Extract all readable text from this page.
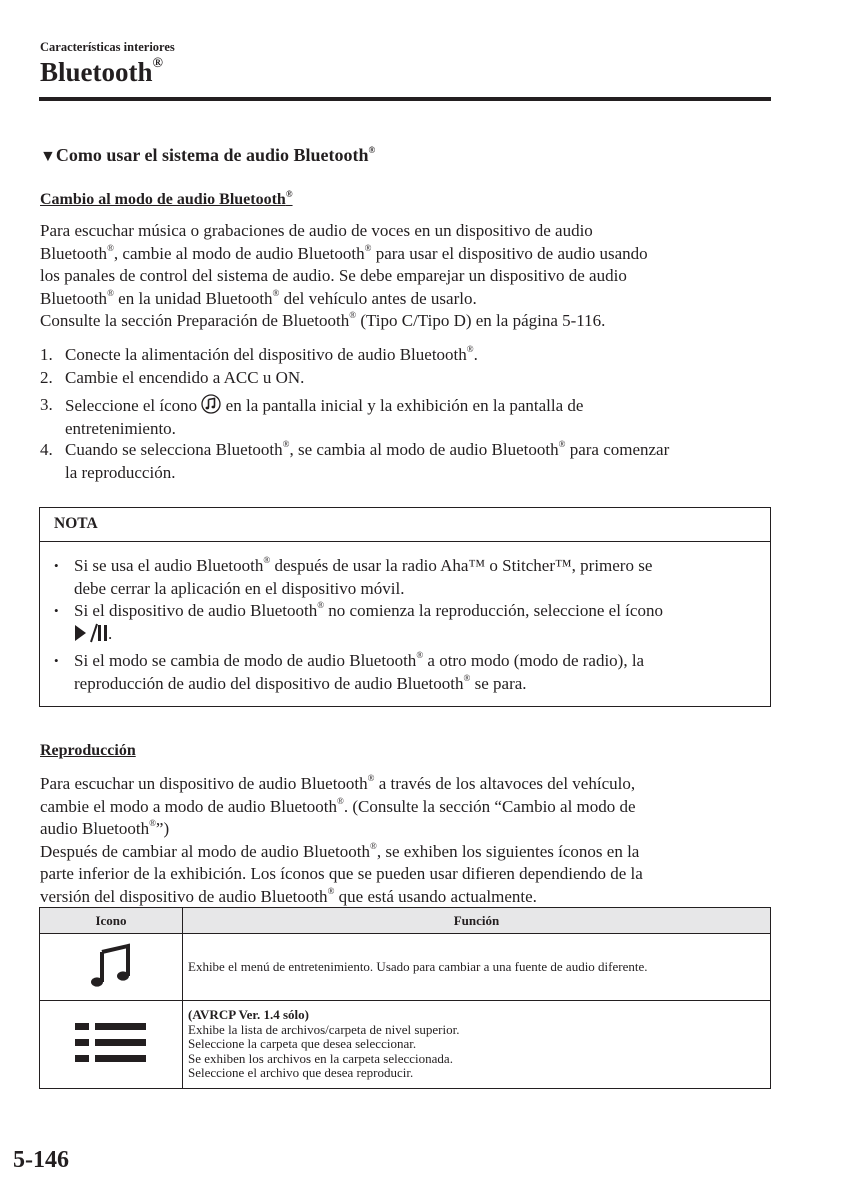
Características interiores
Bluetooth®
▼Como usar el sistema de audio Bluetooth®
Cambio al modo de audio Bluetooth®
Para escuchar música o grabaciones de audio de voces en un dispositivo de audio
Bluetooth®, cambie al modo de audio Bluetooth® para usar el dispositivo de audio usando
los panales de control del sistema de audio. Se debe emparejar un dispositivo de audio
Bluetooth® en la unidad Bluetooth® del vehículo antes de usarlo.
Consulte la sección Preparación de Bluetooth® (Tipo C/Tipo D) en la página 5-116.
1. Conecte la alimentación del dispositivo de audio Bluetooth®.
2. Cambie el encendido a ACC u ON.
3. Seleccione el ícono en la pantalla inicial y la exhibición en la pantalla de
entretenimiento.
4. Cuando se selecciona Bluetooth®, se cambia al modo de audio Bluetooth® para comenzar
la reproducción.
NOTA
• Si se usa el audio Bluetooth® después de usar la radio Aha™ o Stitcher™, primero se
debe cerrar la aplicación en el dispositivo móvil.
• Si el dispositivo de audio Bluetooth® no comienza la reproducción, seleccione el ícono
.
• Si el modo se cambia de modo de audio Bluetooth® a otro modo (modo de radio), la
reproducción de audio del dispositivo de audio Bluetooth® se para.
Reproducción
Para escuchar un dispositivo de audio Bluetooth® a través de los altavoces del vehículo,
cambie el modo a modo de audio Bluetooth®. (Consulte la sección “Cambio al modo de
audio Bluetooth®”)
Después de cambiar al modo de audio Bluetooth®, se exhiben los siguientes íconos en la
parte inferior de la exhibición. Los íconos que se pueden usar difieren dependiendo de la
versión del dispositivo de audio Bluetooth® que está usando actualmente.
Icono	Función
	Exhibe el menú de entretenimiento. Usado para cambiar a una fuente de audio diferente.
	(AVRCP Ver. 1.4 sólo)
Exhibe la lista de archivos/carpeta de nivel superior.
Seleccione la carpeta que desea seleccionar.
Se exhiben los archivos en la carpeta seleccionada.
Seleccione el archivo que desea reproducir.
5-146
